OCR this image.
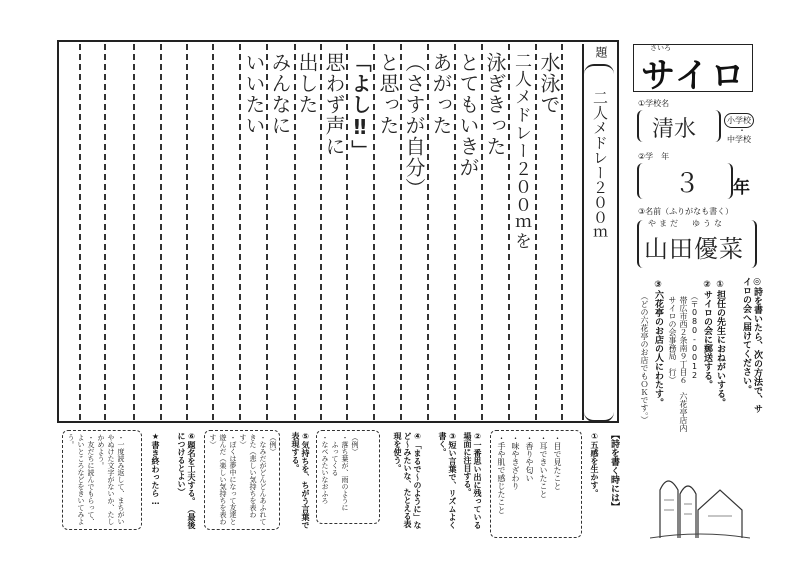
題
二人メドレー２００ｍ
水泳で
二人メドレー２００ｍを
泳ぎきった
とてもいきが
あがった
（さすが自分）
と思った
「よし‼」
思わず声に
出した
みんなに
いいたい
さいろ
サイロ
①学校名
清水	小学校
・
中学校
②学　年
３ 年
③名前（ふりがなも書く）
やまだ　ゆうな
山田優菜
◎詩を書いたら、次の方法で、サイロの会へ届けてください。
①担任の先生におねがいする。
②サイロの会に郵送する。
（〒080-0012
帯広市西２条南９丁目６　六花亭店内
サイロの会事務局　行）
③六花亭のお店の人にわたす。
（どの六花亭のお店でもＯＫです。）
【詩を書く時には】
①五感を生かす。
・目で見たこと
・耳できいたこと
・香りや匂い
・味やきざわり
・手や肌で感じたこと
②一番思い出に残っている場面に注目する。
③短い言葉で、リズムよく書く。
④「まるで〜のように」など〜みたいな、たとえる表現を使う。
（例）
・落ち葉が、雨のように
　ふってくる
・なべみたいなおふろ
⑤気持ちを、ちがう言葉で表現する。
（例）
・なみだがどんどんあふれてきた（悲しい気持ちを表わす）
・ぼくは夢中になって友達と遊んだ（楽しい気持ちを表わす）
⑥題名を工夫する。（最後につけるとよい）
★書き終わったら…
・一度読み返して、まちがいやぬけた文字がないか、たしかめよう。
・友だちに読んでもらって、よいところなどをきいてみよう。
